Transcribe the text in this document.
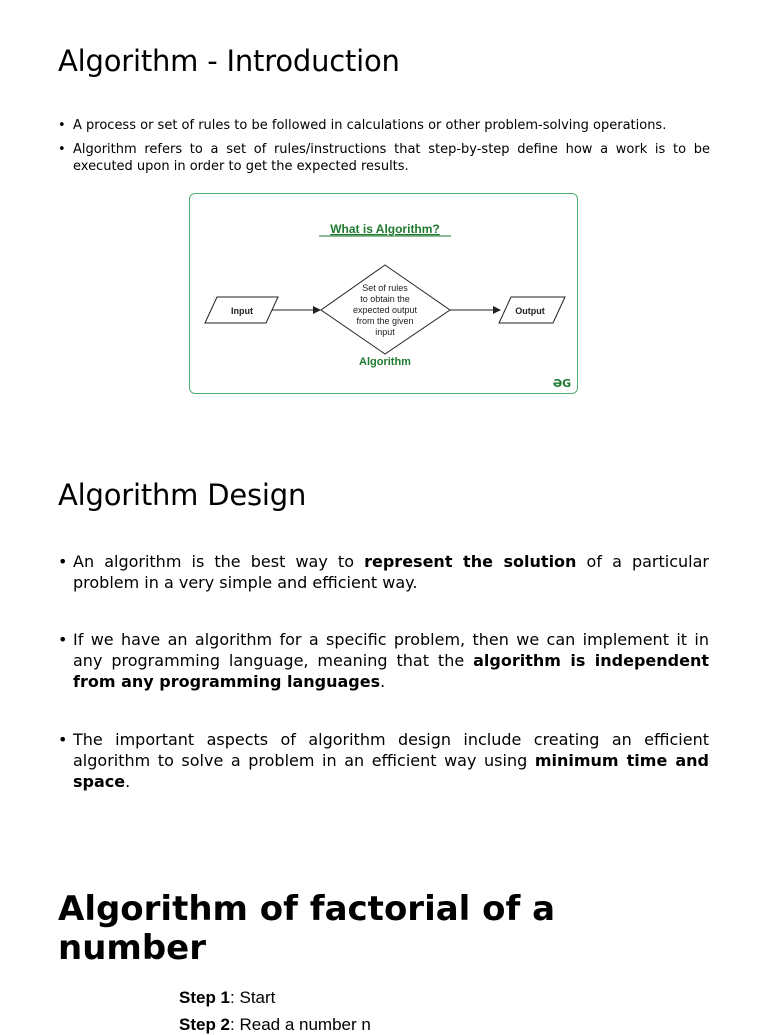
Algorithm - Introduction
• A process or set of rules to be followed in calculations or other problem-solving operations.
• Algorithm refers to a set of rules/instructions that step-by-step define how a work is to be executed upon in order to get the expected results.
What is Algorithm?
Input
Set of rules
to obtain the
expected output
from the given
input
Output
Algorithm
ƏG
Algorithm Design
• An algorithm is the best way to represent the solution of a particular problem in a very simple and efficient way.
• If we have an algorithm for a specific problem, then we can implement it in any programming language, meaning that the algorithm is independent from any programming languages.
• The important aspects of algorithm design include creating an efficient algorithm to solve a problem in an efficient way using minimum time and space.
Algorithm of factorial of a number
Step 1: Start
Step 2: Read a number n
